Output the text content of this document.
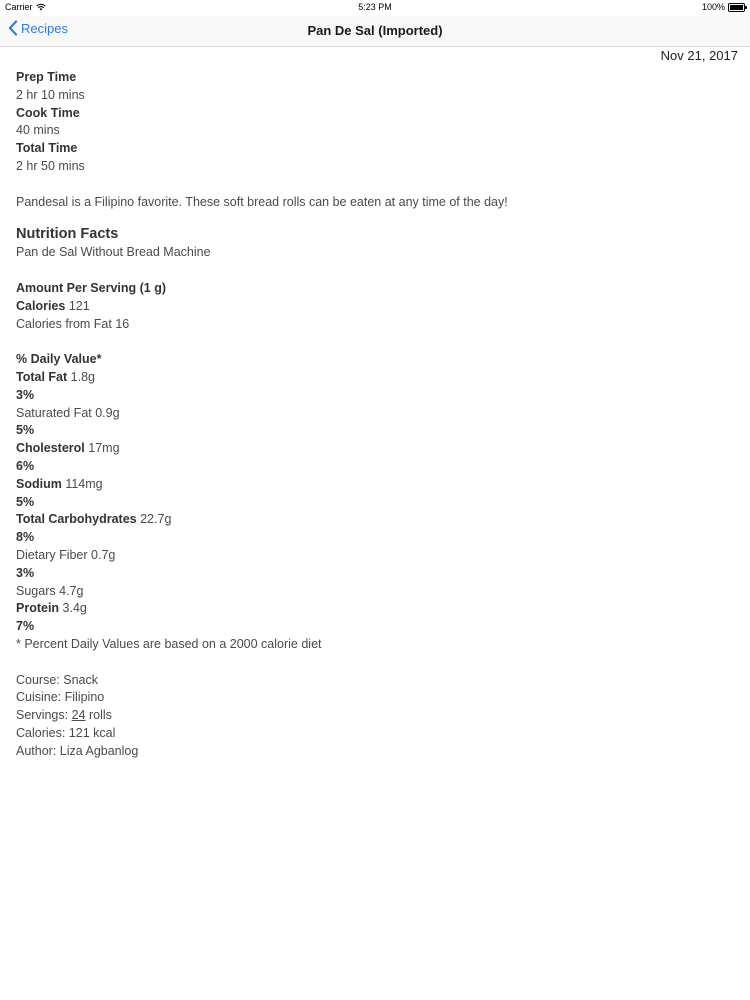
Carrier	5:23 PM	100%
Recipes	Pan De Sal (Imported)
Nov 21, 2017
Prep Time
2 hr 10 mins
Cook Time
40 mins
Total Time
2 hr 50 mins
Pandesal is a Filipino favorite. These soft bread rolls can be eaten at any time of the day!
Nutrition Facts
Pan de Sal Without Bread Machine
Amount Per Serving (1 g)
Calories 121
Calories from Fat 16
% Daily Value*
Total Fat 1.8g
3%
Saturated Fat 0.9g
5%
Cholesterol 17mg
6%
Sodium 114mg
5%
Total Carbohydrates 22.7g
8%
Dietary Fiber 0.7g
3%
Sugars 4.7g
Protein 3.4g
7%
* Percent Daily Values are based on a 2000 calorie diet
Course: Snack
Cuisine: Filipino
Servings: 24 rolls
Calories: 121 kcal
Author: Liza Agbanlog
